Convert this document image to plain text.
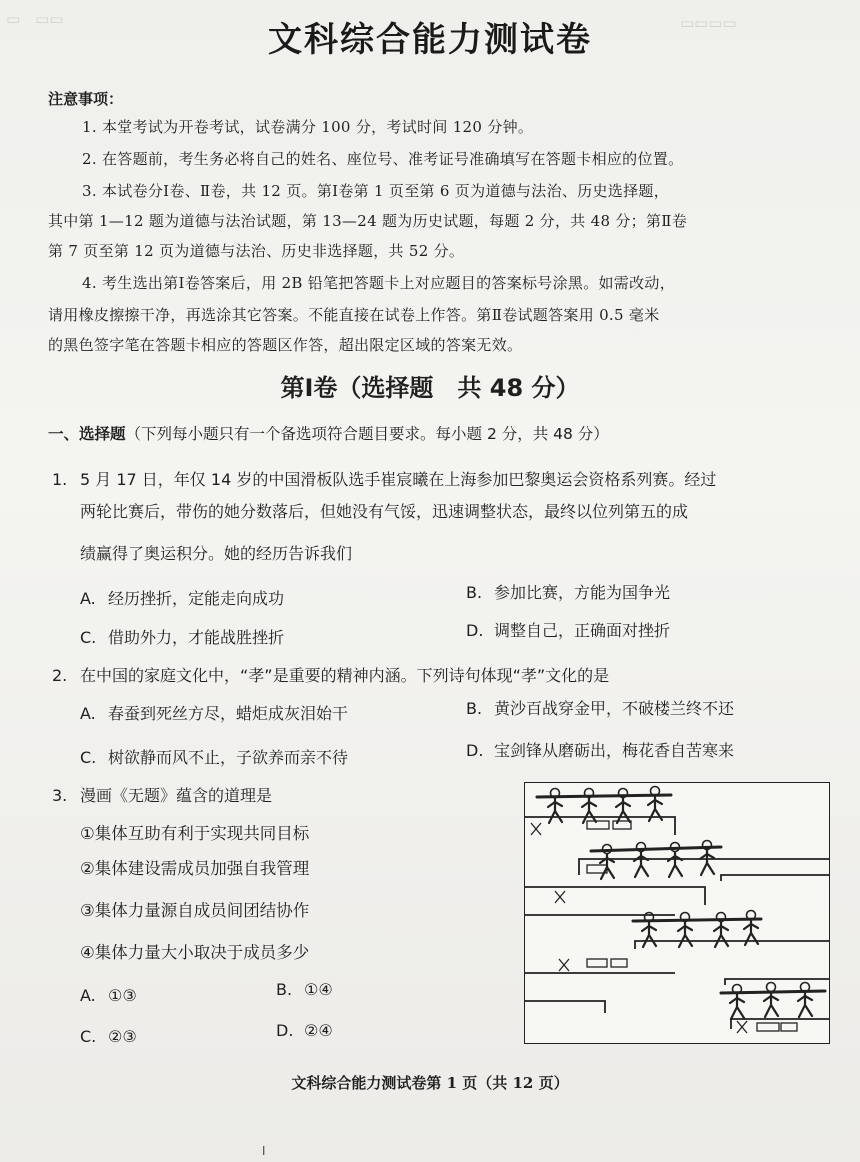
▭　▭▭	▭▭▭▭
文科综合能力测试卷
注意事项：
1. 本堂考试为开卷考试，试卷满分 100 分，考试时间 120 分钟。
2. 在答题前，考生务必将自己的姓名、座位号、准考证号准确填写在答题卡相应的位置。
3. 本试卷分Ⅰ卷、Ⅱ卷，共 12 页。第Ⅰ卷第 1 页至第 6 页为道德与法治、历史选择题，
其中第 1—12 题为道德与法治试题，第 13—24 题为历史试题，每题 2 分，共 48 分；第Ⅱ卷
第 7 页至第 12 页为道德与法治、历史非选择题，共 52 分。
4. 考生选出第Ⅰ卷答案后，用 2B 铅笔把答题卡上对应题目的答案标号涂黑。如需改动，
请用橡皮擦擦干净，再选涂其它答案。不能直接在试卷上作答。第Ⅱ卷试题答案用 0.5 毫米
的黑色签字笔在答题卡相应的答题区作答，超出限定区域的答案无效。
第Ⅰ卷（选择题　共 48 分）
一、选择题（下列每小题只有一个备选项符合题目要求。每小题 2 分，共 48 分）
1. 5 月 17 日，年仅 14 岁的中国滑板队选手崔宸曦在上海参加巴黎奥运会资格系列赛。经过
两轮比赛后，带伤的她分数落后，但她没有气馁，迅速调整状态，最终以位列第五的成
绩赢得了奥运积分。她的经历告诉我们
A. 经历挫折，定能走向成功	B. 参加比赛，方能为国争光
C. 借助外力，才能战胜挫折	D. 调整自己，正确面对挫折
2. 在中国的家庭文化中，“孝”是重要的精神内涵。下列诗句体现“孝”文化的是
A. 春蚕到死丝方尽，蜡炬成灰泪始干	B. 黄沙百战穿金甲，不破楼兰终不还
C. 树欲静而风不止，子欲养而亲不待	D. 宝剑锋从磨砺出，梅花香自苦寒来
3. 漫画《无题》蕴含的道理是
①集体互助有利于实现共同目标
②集体建设需成员加强自我管理
③集体力量源自成员间团结协作
④集体力量大小取决于成员多少
A. ①③	B. ①④
C. ②③	D. ②④
文科综合能力测试卷第 1 页（共 12 页）
ǀ
